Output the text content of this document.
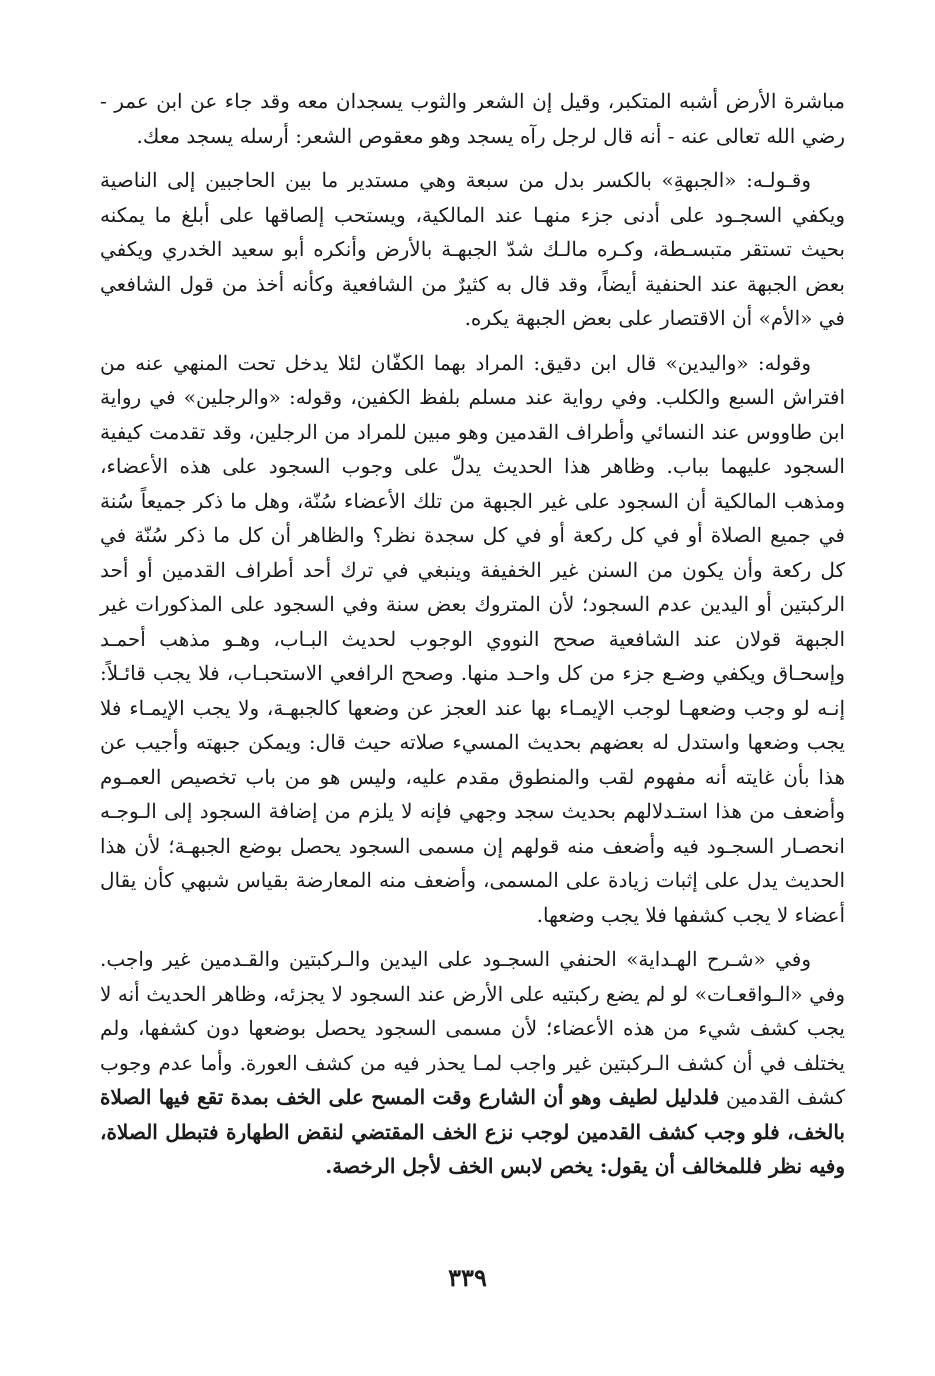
مباشرة الأرض أشبه المتكبر، وقيل إن الشعر والثوب يسجدان معه وقد جاء عن ابن عمر - رضي الله تعالى عنه - أنه قال لرجل رآه يسجد وهو معقوص الشعر: أرسله يسجد معك.

وقـولـه: «الجبهةِ» بالكسر بدل من سبعة وهي مستدير ما بين الحاجبين إلى الناصية ويكفي السجـود على أدنى جزء منهـا عند المالكية، ويستحب إلصاقها على أبلغ ما يمكنه بحيث تستقر متبسـطة، وكـره مالـك شدّ الجبهـة بالأرض وأنكره أبو سعيد الخدري ويكفي بعض الجبهة عند الحنفية أيضاً، وقد قال به كثيرٌ من الشافعية وكأنه أخذ من قول الشافعي في «الأم» أن الاقتصار على بعض الجبهة يكره.

وقوله: «واليدين» قال ابن دقيق: المراد بهما الكفّان لئلا يدخل تحت المنهي عنه من افتراش السبع والكلب. وفي رواية عند مسلم بلفظ الكفين، وقوله: «والرجلين» في رواية ابن طاووس عند النسائي وأطراف القدمين وهو مبين للمراد من الرجلين، وقد تقدمت كيفية السجود عليهما بباب. وظاهر هذا الحديث يدلّ على وجوب السجود على هذه الأعضاء، ومذهب المالكية أن السجود على غير الجبهة من تلك الأعضاء سُنّة، وهل ما ذكر جميعاً سُنة في جميع الصلاة أو في كل ركعة أو في كل سجدة نظر؟ والظاهر أن كل ما ذكر سُنّة في كل ركعة وأن يكون من السنن غير الخفيفة وينبغي في ترك أحد أطراف القدمين أو أحد الركبتين أو اليدين عدم السجود؛ لأن المتروك بعض سنة وفي السجود على المذكورات غير الجبهة قولان عند الشافعية صحح النووي الوجوب لحديث البـاب، وهـو مذهب أحمـد وإسحـاق ويكفي وضـع جزء من كل واحـد منها. وصحح الرافعي الاستحبـاب، فلا يجب قائـلاً: إنـه لو وجب وضعهـا لوجب الإيمـاء بها عند العجز عن وضعها كالجبهـة، ولا يجب الإيمـاء فلا يجب وضعها واستدل له بعضهم بحديث المسيء صلاته حيث قال: ويمكن جبهته وأجيب عن هذا بأن غايته أنه مفهوم لقب والمنطوق مقدم عليه، وليس هو من باب تخصيص العمـوم وأضعف من هذا استـدلالهم بحديث سجد وجهي فإنه لا يلزم من إضافة السجود إلى الـوجـه انحصـار السجـود فيه وأضعف منه قولهم إن مسمى السجود يحصل بوضع الجبهـة؛ لأن هذا الحديث يدل على إثبات زيادة على المسمى، وأضعف منه المعارضة بقياس شبهي كأن يقال أعضاء لا يجب كشفها فلا يجب وضعها.

وفي «شـرح الهـداية» الحنفي السجـود على اليدين والـركبتين والقـدمين غير واجب. وفي «الـواقعـات» لو لم يضع ركبتيه على الأرض عند السجود لا يجزئه، وظاهر الحديث أنه لا يجب كشف شيء من هذه الأعضاء؛ لأن مسمى السجود يحصل بوضعها دون كشفها، ولم يختلف في أن كشف الـركبتين غير واجب لمـا يحذر فيه من كشف العورة. وأما عدم وجوب كشف القدمين فلدليل لطيف وهو أن الشارع وقت المسح على الخف بمدة تقع فيها الصلاة بالخف، فلو وجب كشف القدمين لوجب نزع الخف المقتضي لنقض الطهارة فتبطل الصلاة، وفيه نظر فللمخالف أن يقول: يخص لابس الخف لأجل الرخصة.

٣٣٩
